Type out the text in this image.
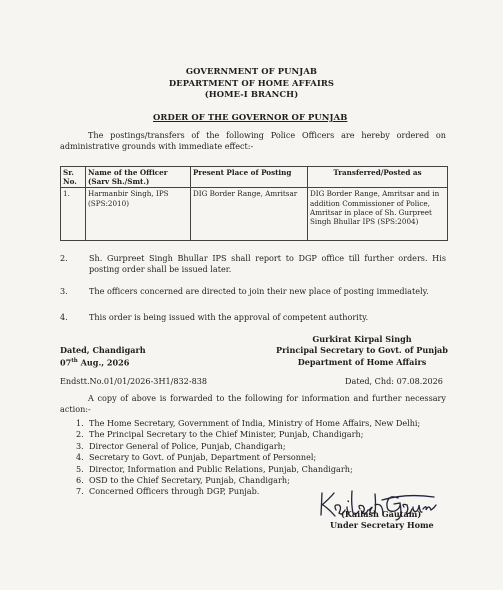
GOVERNMENT OF PUNJAB
DEPARTMENT OF HOME AFFAIRS
(HOME-I BRANCH)
ORDER OF THE GOVERNOR OF PUNJAB
The postings/transfers of the following Police Officers are hereby ordered on administrative grounds with immediate effect:-
Sr. No.	Name of the Officer (Sarv Sh./Smt.)	Present Place of Posting	Transferred/Posted as
1.	Harmanbir Singh, IPS (SPS:2010)	DIG Border Range, Amritsar	DIG Border Range, Amritsar and in addition Commissioner of Police, Amritsar in place of Sh. Gurpreet Singh Bhullar IPS (SPS:2004)
2.	Sh. Gurpreet Singh Bhullar IPS shall report to DGP office till further orders. His posting order shall be issued later.
3.	The officers concerned are directed to join their new place of posting immediately.
4.	This order is being issued with the approval of competent authority.
Gurkirat Kirpal Singh
Principal Secretary to Govt. of Punjab
Department of Home Affairs
Dated, Chandigarh
07th Aug., 2026
Endstt.No.01/01/2026-3H1/832-838	Dated, Chd: 07.08.2026
A copy of above is forwarded to the following for information and further necessary action:-
1. The Home Secretary, Government of India, Ministry of Home Affairs, New Delhi;
2. The Principal Secretary to the Chief Minister, Punjab, Chandigarh;
3. Director General of Police, Punjab, Chandigarh;
4. Secretary to Govt. of Punjab, Department of Personnel;
5. Director, Information and Public Relations, Punjab, Chandigarh;
6. OSD to the Chief Secretary, Punjab, Chandigarh;
7. Concerned Officers through DGP, Punjab.
(Kailash Gautam)
Under Secretary Home
